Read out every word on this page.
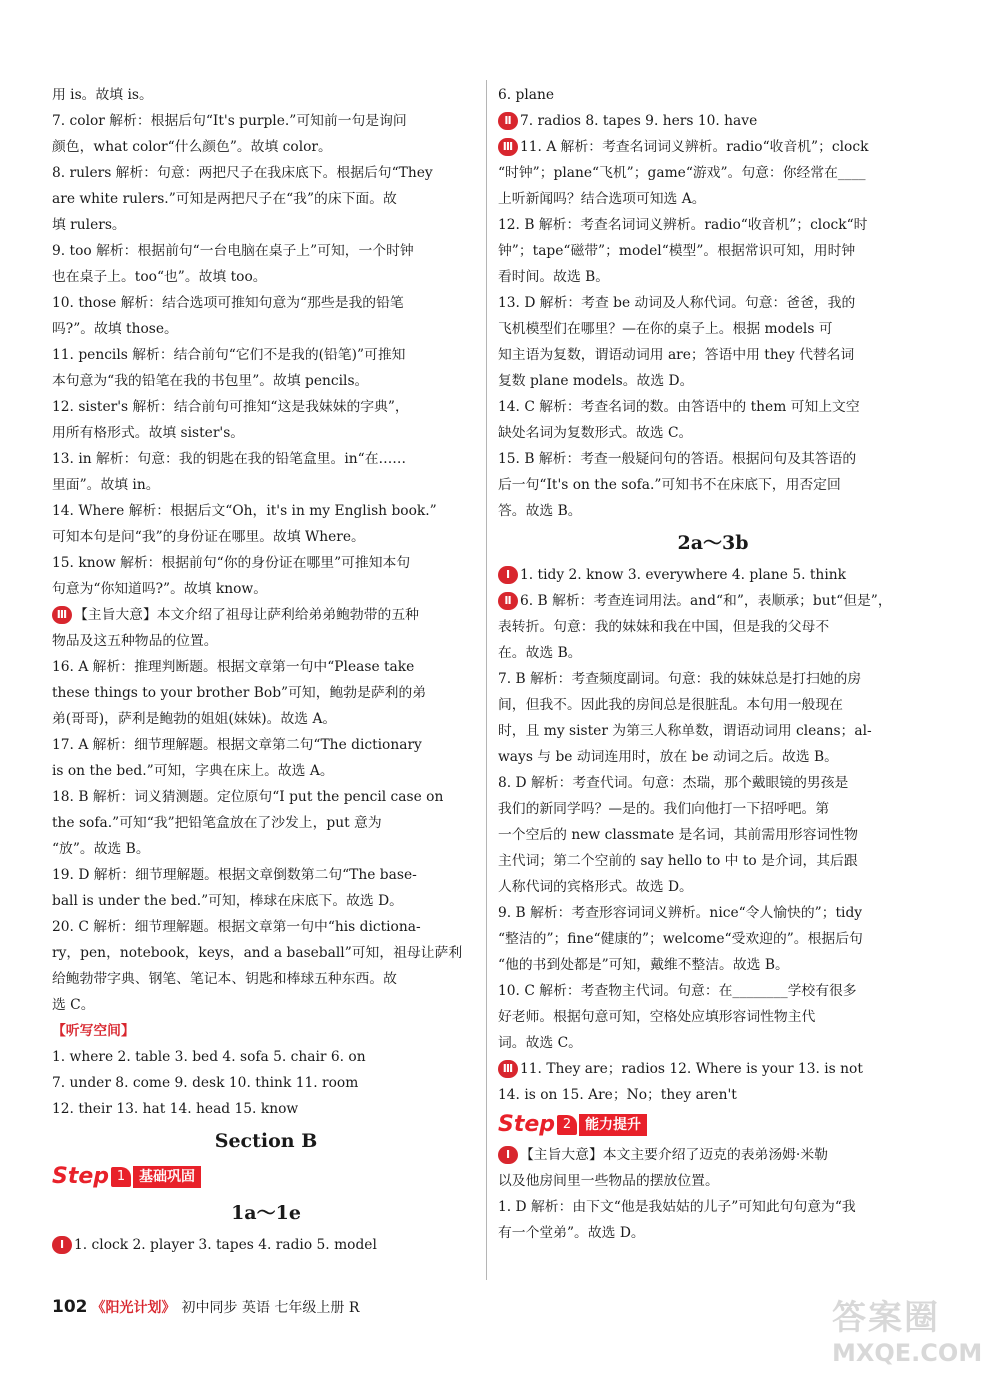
用 is。故填 is。
7. color 解析：根据后句“It's purple.”可知前一句是询问
颜色，what color“什么颜色”。故填 color。
8. rulers 解析：句意：两把尺子在我床底下。根据后句“They
are white rulers.”可知是两把尺子在“我”的床下面。故
填 rulers。
9. too 解析：根据前句“一台电脑在桌子上”可知，一个时钟
也在桌子上。too“也”。故填 too。
10. those 解析：结合选项可推知句意为“那些是我的铅笔
吗?”。故填 those。
11. pencils 解析：结合前句“它们不是我的(铅笔)”可推知
本句意为“我的铅笔在我的书包里”。故填 pencils。
12. sister's 解析：结合前句可推知“这是我妹妹的字典”，
用所有格形式。故填 sister's。
13. in 解析：句意：我的钥匙在我的铅笔盒里。in“在……
里面”。故填 in。
14. Where 解析：根据后文“Oh，it's in my English book.”
可知本句是问“我”的身份证在哪里。故填 Where。
15. know 解析：根据前句“你的身份证在哪里”可推知本句
句意为“你知道吗?”。故填 know。
Ⅲ 【主旨大意】本文介绍了祖母让萨利给弟弟鲍勃带的五种
物品及这五种物品的位置。
16. A 解析：推理判断题。根据文章第一句中“Please take
these things to your brother Bob”可知，鲍勃是萨利的弟
弟(哥哥)，萨利是鲍勃的姐姐(妹妹)。故选 A。
17. A 解析：细节理解题。根据文章第二句“The dictionary
is on the bed.”可知，字典在床上。故选 A。
18. B 解析：词义猜测题。定位原句“I put the pencil case on
the sofa.”可知“我”把铅笔盒放在了沙发上，put 意为
“放”。故选 B。
19. D 解析：细节理解题。根据文章倒数第二句“The base-
ball is under the bed.”可知，棒球在床底下。故选 D。
20. C 解析：细节理解题。根据文章第一句中“his dictiona-
ry，pen，notebook，keys，and a baseball”可知，祖母让萨利
给鲍勃带字典、钢笔、笔记本、钥匙和棒球五种东西。故
选 C。
【听写空间】
1. where 2. table 3. bed 4. sofa 5. chair 6. on
7. under 8. come 9. desk 10. think 11. room
12. their 13. hat 14. head 15. know
Section B
Step 1 基础巩固
1a～1e
Ⅰ 1. clock 2. player 3. tapes 4. radio 5. model
6. plane
Ⅱ 7. radios 8. tapes 9. hers 10. have
Ⅲ 11. A 解析：考查名词词义辨析。radio“收音机”；clock
“时钟”；plane“飞机”；game“游戏”。句意：你经常在____
上听新闻吗？结合选项可知选 A。
12. B 解析：考查名词词义辨析。radio“收音机”；clock“时
钟”；tape“磁带”；model“模型”。根据常识可知，用时钟
看时间。故选 B。
13. D 解析：考查 be 动词及人称代词。句意：爸爸，我的
飞机模型们在哪里？—在你的桌子上。根据 models 可
知主语为复数，谓语动词用 are；答语中用 they 代替名词
复数 plane models。故选 D。
14. C 解析：考查名词的数。由答语中的 them 可知上文空
缺处名词为复数形式。故选 C。
15. B 解析：考查一般疑问句的答语。根据问句及其答语的
后一句“It's on the sofa.”可知书不在床底下，用否定回
答。故选 B。
2a～3b
Ⅰ 1. tidy 2. know 3. everywhere 4. plane 5. think
Ⅱ 6. B 解析：考查连词用法。and“和”，表顺承；but“但是”，
表转折。句意：我的妹妹和我在中国，但是我的父母不
在。故选 B。
7. B 解析：考查频度副词。句意：我的妹妹总是打扫她的房
间，但我不。因此我的房间总是很脏乱。本句用一般现在
时，且 my sister 为第三人称单数，谓语动词用 cleans；al-
ways 与 be 动词连用时，放在 be 动词之后。故选 B。
8. D 解析：考查代词。句意：杰瑞，那个戴眼镜的男孩是
我们的新同学吗？—是的。我们向他打一下招呼吧。第
一个空后的 new classmate 是名词，其前需用形容词性物
主代词；第二个空前的 say hello to 中 to 是介词，其后跟
人称代词的宾格形式。故选 D。
9. B 解析：考查形容词词义辨析。nice“令人愉快的”；tidy
“整洁的”；fine“健康的”；welcome“受欢迎的”。根据后句
“他的书到处都是”可知，戴维不整洁。故选 B。
10. C 解析：考查物主代词。句意：在________学校有很多
好老师。根据句意可知，空格处应填形容词性物主代
词。故选 C。
Ⅲ 11. They are；radios 12. Where is your 13. is not
14. is on 15. Are；No；they aren't
Step 2 能力提升
Ⅰ 【主旨大意】本文主要介绍了迈克的表弟汤姆·米勒
以及他房间里一些物品的摆放位置。
1. D 解析：由下文“他是我姑姑的儿子”可知此句句意为“我
有一个堂弟”。故选 D。
102 《阳光计划》 初中同步 英语 七年级上册 R	答案圈
MXQE.COM
